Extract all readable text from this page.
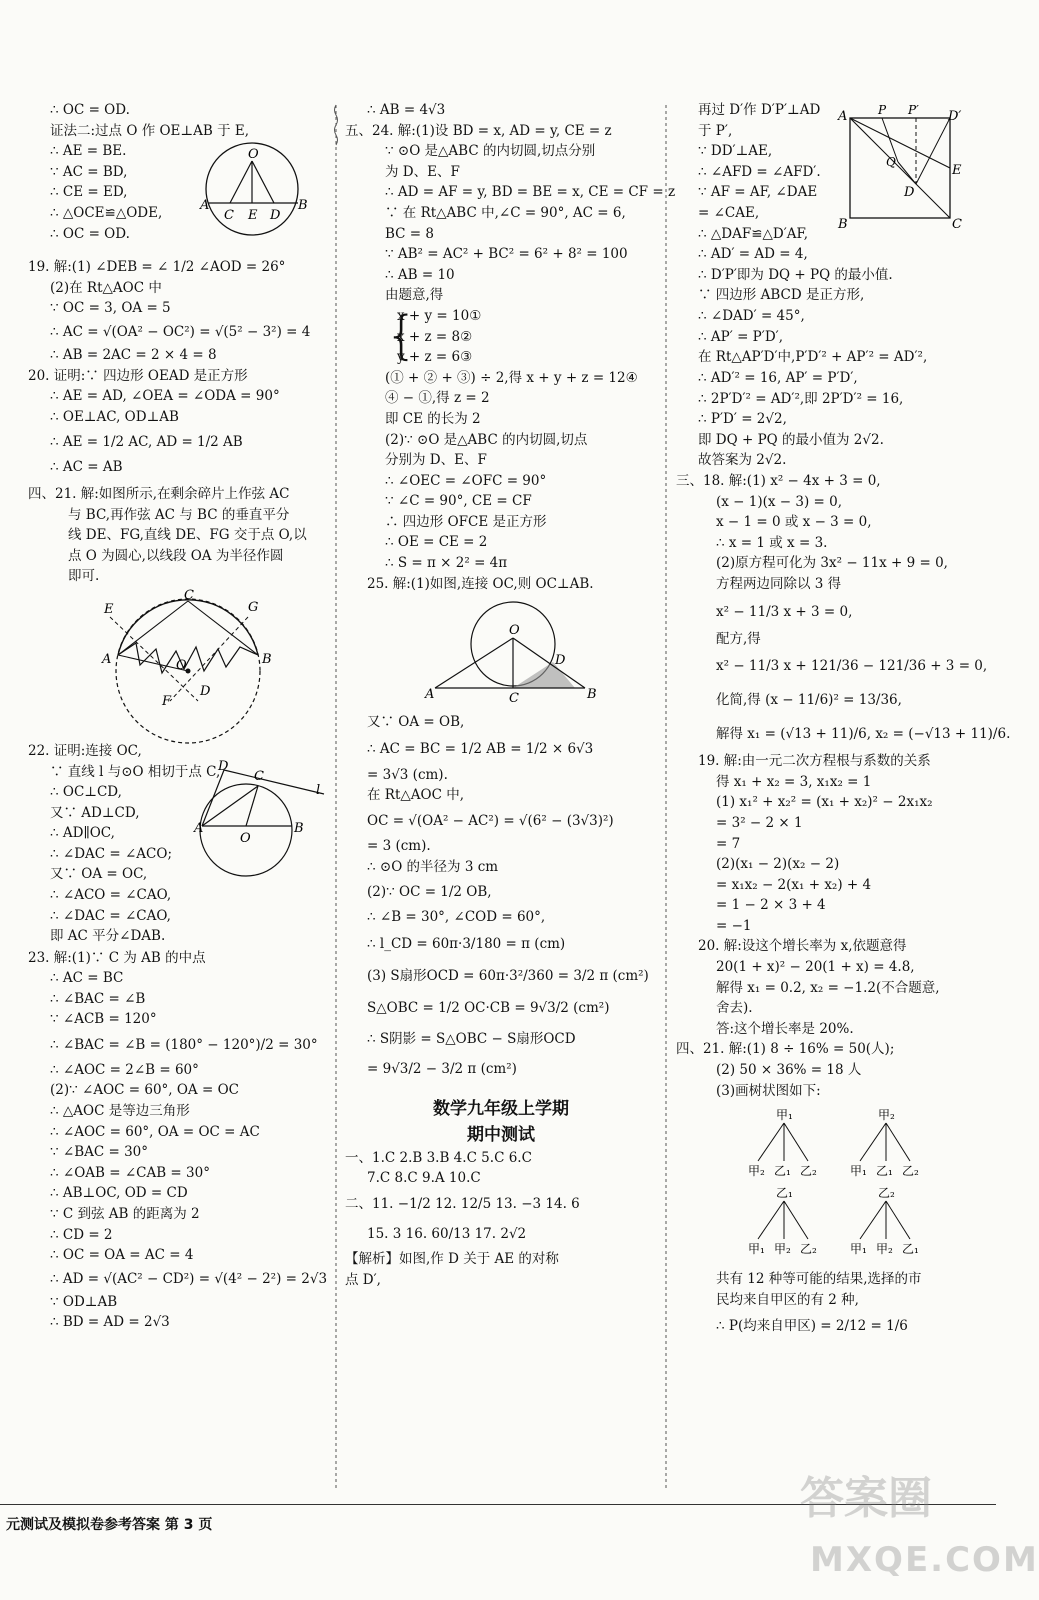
∴ OC = OD.
证法二:过点 O 作 OE⊥AB 于 E,
∴ AE = BE.
∵ AC = BD,
∴ CE = ED,
∴ △OCE≌△ODE,
∴ OC = OD.
O
A
C E D
B
19. 解:(1) ∠DEB = ∠ 1/2 ∠AOD = 26°
(2)在 Rt△AOC 中
∵ OC = 3, OA = 5
∴ AC = √(OA² − OC²) = √(5² − 3²) = 4
∴ AB = 2AC = 2 × 4 = 8
20. 证明:∵ 四边形 OEAD 是正方形
∴ AE = AD, ∠OEA = ∠ODA = 90°
∴ OE⊥AC, OD⊥AB
∴ AE = 1/2 AC, AD = 1/2 AB
∴ AC = AB
四、21. 解:如图所示,在剩余碎片上作弦 AC
与 BC,再作弦 AC 与 BC 的垂直平分
线 DE、FG,直线 DE、FG 交于点 O,以
点 O 为圆心,以线段 OA 为半径作圆
即可.
E
C
G
A	O	B
F
D
22. 证明:连接 OC,
∵ 直线 l 与⊙O 相切于点 C,
∴ OC⊥CD,
又∵ AD⊥CD,
∴ AD∥OC,
∴ ∠DAC = ∠ACO;
又∵ OA = OC,
∴ ∠ACO = ∠CAO,
∴ ∠DAC = ∠CAO,
即 AC 平分∠DAB.
D
C
l
A
O
B
23. 解:(1)∵ C 为 AB 的中点
∴ AC = BC
∴ ∠BAC = ∠B
∵ ∠ACB = 120°
∴ ∠BAC = ∠B = (180° − 120°)/2 = 30°
∴ ∠AOC = 2∠B = 60°
(2)∵ ∠AOC = 60°, OA = OC
∴ △AOC 是等边三角形
∴ ∠AOC = 60°, OA = OC = AC
∵ ∠BAC = 30°
∴ ∠OAB = ∠CAB = 30°
∴ AB⊥OC, OD = CD
∵ C 到弦 AB 的距离为 2
∴ CD = 2
∴ OC = OA = AC = 4
∴ AD = √(AC² − CD²) = √(4² − 2²) = 2√3
∵ OD⊥AB
∴ BD = AD = 2√3
∴ AB = 4√3
五、24. 解:(1)设 BD = x, AD = y, CE = z
∵ ⊙O 是△ABC 的内切圆,切点分别
为 D、E、F
∴ AD = AF = y, BD = BE = x, CE = CF = z
∵ 在 Rt△ABC 中,∠C = 90°, AC = 6,
BC = 8
∵ AB² = AC² + BC² = 6² + 8² = 100
∴ AB = 10
由题意,得
{
x + y = 10①
x + z = 8②
y + z = 6③
(① + ② + ③) ÷ 2,得 x + y + z = 12④
④ − ①,得 z = 2
即 CE 的长为 2
(2)∵ ⊙O 是△ABC 的内切圆,切点
分别为 D、E、F
∴ ∠OEC = ∠OFC = 90°
∵ ∠C = 90°, CE = CF
∴ 四边形 OFCE 是正方形
∴ OE = CE = 2
∴ S = π × 2² = 4π
25. 解:(1)如图,连接 OC,则 OC⊥AB.
O
D
A	C	B
又∵ OA = OB,
∴ AC = BC = 1/2 AB = 1/2 × 6√3
= 3√3 (cm).
在 Rt△AOC 中,
OC = √(OA² − AC²) = √(6² − (3√3)²)
= 3 (cm).
∴ ⊙O 的半径为 3 cm
(2)∵ OC = 1/2 OB,
∴ ∠B = 30°, ∠COD = 60°,
∴ l_CD = 60π·3/180 = π (cm)
(3) S扇形OCD = 60π·3²/360 = 3/2 π (cm²)
S△OBC = 1/2 OC·CB = 9√3/2 (cm²)
∴ S阴影 = S△OBC − S扇形OCD
= 9√3/2 − 3/2 π (cm²)
数学九年级上学期
期中测试
一、1.C 2.B 3.B 4.C 5.C 6.C
7.C 8.C 9.A 10.C
二、11. −1/2 12. 12/5 13. −3 14. 6
15. 3 16. 60/13 17. 2√2
【解析】如图,作 D 关于 AE 的对称
点 D′,
再过 D′作 D′P′⊥AD
于 P′,
∵ DD′⊥AE,
∴ ∠AFD = ∠AFD′.
∵ AF = AF, ∠DAE
= ∠CAE,
∴ △DAF≌△D′AF,
∴ AD′ = AD = 4,
∴ D′P′即为 DQ + PQ 的最小值.
∵ 四边形 ABCD 是正方形,
∴ ∠DAD′ = 45°,
∴ AP′ = P′D′,
在 Rt△AP′D′中,P′D′² + AP′² = AD′²,
A	P P′ D′
Q
D
E
B	C
∴ AD′² = 16, AP′ = P′D′,
∴ 2P′D′² = AD′²,即 2P′D′² = 16,
∴ P′D′ = 2√2,
即 DQ + PQ 的最小值为 2√2.
故答案为 2√2.
三、18. 解:(1) x² − 4x + 3 = 0,
(x − 1)(x − 3) = 0,
x − 1 = 0 或 x − 3 = 0,
∴ x = 1 或 x = 3.
(2)原方程可化为 3x² − 11x + 9 = 0,
方程两边同除以 3 得
x² − 11/3 x + 3 = 0,
配方,得
x² − 11/3 x + 121/36 − 121/36 + 3 = 0,
化简,得 (x − 11/6)² = 13/36,
解得 x₁ = (√13 + 11)/6, x₂ = (−√13 + 11)/6.
19. 解:由一元二次方程根与系数的关系
得 x₁ + x₂ = 3, x₁x₂ = 1
(1) x₁² + x₂² = (x₁ + x₂)² − 2x₁x₂
= 3² − 2 × 1
= 7
(2)(x₁ − 2)(x₂ − 2)
= x₁x₂ − 2(x₁ + x₂) + 4
= 1 − 2 × 3 + 4
= −1
20. 解:设这个增长率为 x,依题意得
20(1 + x)² − 20(1 + x) = 4.8,
解得 x₁ = 0.2, x₂ = −1.2(不合题意,
舍去).
答:这个增长率是 20%.
四、21. 解:(1) 8 ÷ 16% = 50(人);
(2) 50 × 36% = 18 人
(3)画树状图如下:
甲₁
甲₂ 乙₁ 乙₂
甲₂
甲₁ 乙₁ 乙₂
乙₁
甲₁ 甲₂ 乙₂
乙₂
甲₁ 甲₂ 乙₁
共有 12 种等可能的结果,选择的市
民均来自甲区的有 2 种,
∴ P(均来自甲区) = 2/12 = 1/6
元测试及模拟卷参考答案 第 3 页
答案圈
MXQE.COM
